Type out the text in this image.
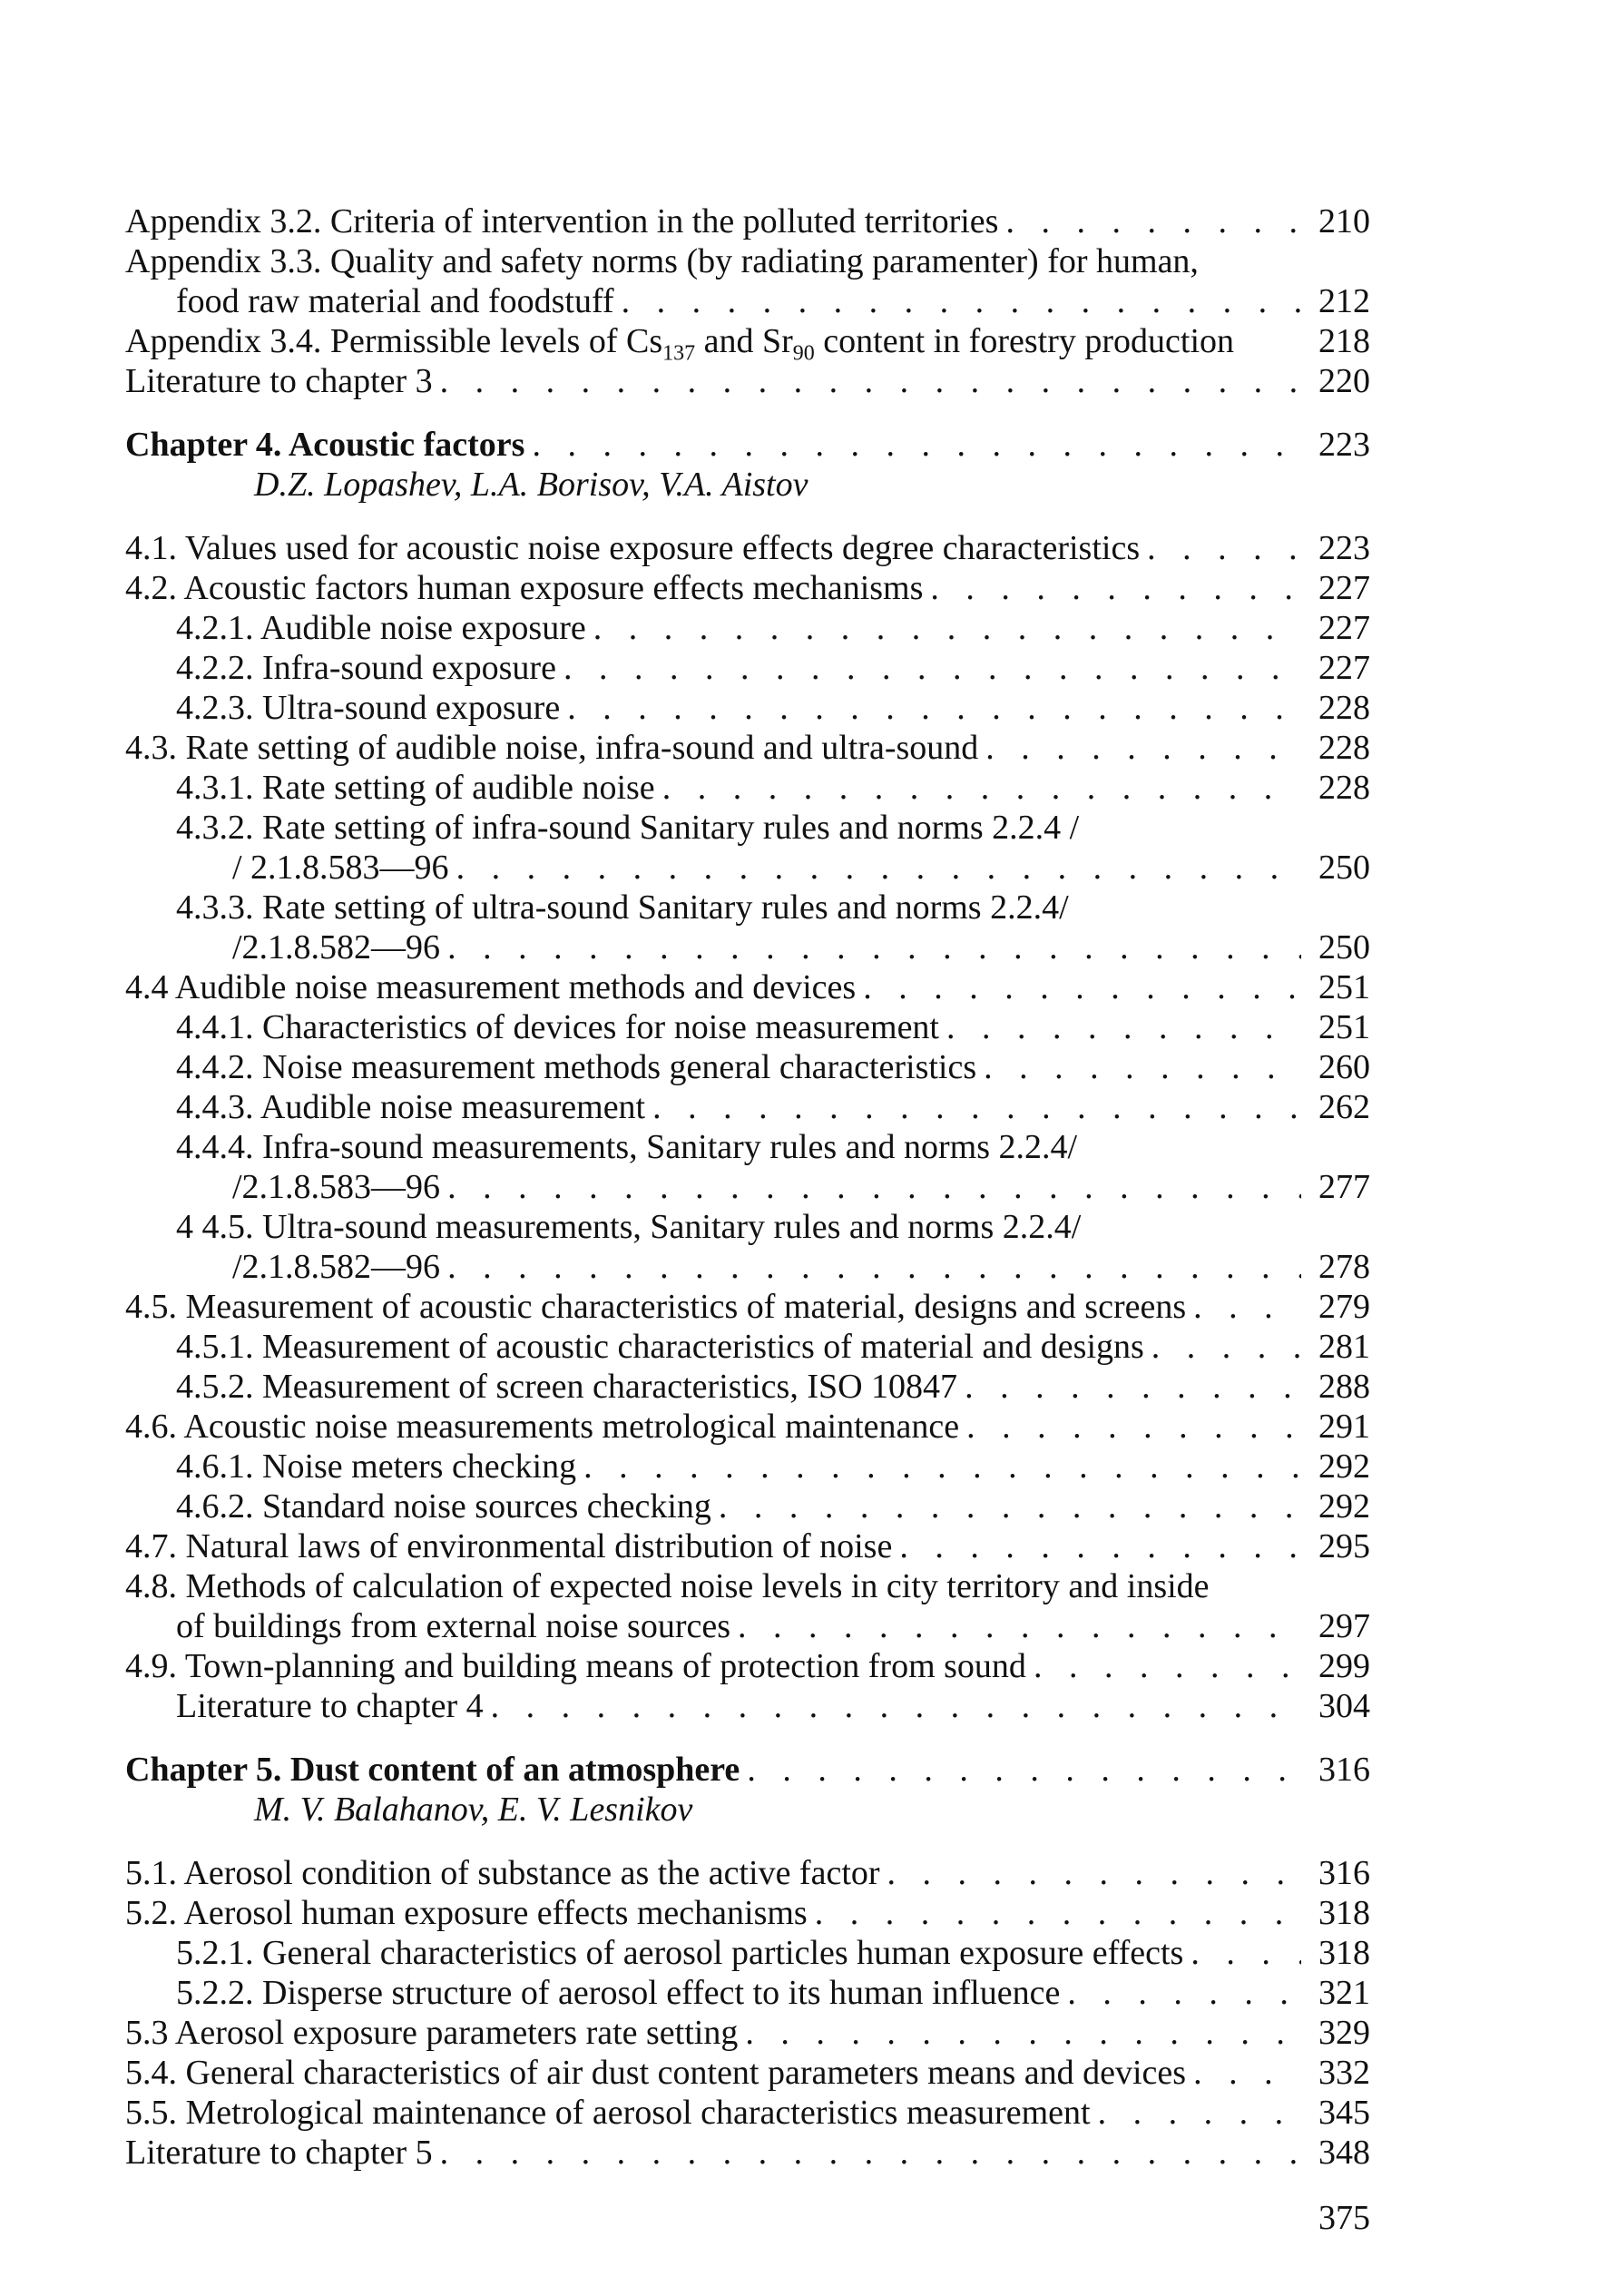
Appendix 3.2. Criteria of intervention in the polluted territories . . .	210
Appendix 3.3. Quality and safety norms (by radiating paramenter) for human,
food raw material and foodstuff . . .	212
Appendix 3.4. Permissible levels of $Cs_{137}$ and $Sr_{90}$ content in forestry production 218
Literature to chapter 3 . . .	220
Chapter 4. Acoustic factors . . .	223
D.Z. Lopashev, L.A. Borisov, V.A. Aistov
4.1. Values used for acoustic noise exposure effects degree characteristics . . .	223
4.2. Acoustic factors human exposure effects mechanisms . . .	227
4.2.1. Audible noise exposure . . .	227
4.2.2. Infra-sound exposure . . .	227
4.2.3. Ultra-sound exposure . . .	228
4.3. Rate setting of audible noise, infra-sound and ultra-sound . . .	228
4.3.1. Rate setting of audible noise . . .	228
4.3.2. Rate setting of infra-sound Sanitary rules and norms 2.2.4 /
/ 2.1.8.583—96 . . .	250
4.3.3. Rate setting of ultra-sound Sanitary rules and norms 2.2.4/
/2.1.8.582—96 . . .	250
4.4 Audible noise measurement methods and devices . . .	251
4.4.1. Characteristics of devices for noise measurement . . .	251
4.4.2. Noise measurement methods general characteristics . . .	260
4.4.3. Audible noise measurement . . .	262
4.4.4. Infra-sound measurements, Sanitary rules and norms 2.2.4/
/2.1.8.583—96 . . .	277
4 4.5. Ultra-sound measurements, Sanitary rules and norms 2.2.4/
/2.1.8.582—96 . . .	278
4.5. Measurement of acoustic characteristics of material, designs and screens . . .	279
4.5.1. Measurement of acoustic characteristics of material and designs . . .	281
4.5.2. Measurement of screen characteristics, ISO 10847 . . .	288
4.6. Acoustic noise measurements metrological maintenance . . .	291
4.6.1. Noise meters checking . . .	292
4.6.2. Standard noise sources checking . . .	292
4.7. Natural laws of environmental distribution of noise . . .	295
4.8. Methods of calculation of expected noise levels in city territory and inside
of buildings from external noise sources . . .	297
4.9. Town-planning and building means of protection from sound . . .	299
Literature to chapter 4 . . .	304
Chapter 5. Dust content of an atmosphere . . .	316
M. V. Balahanov, E. V. Lesnikov
5.1. Aerosol condition of substance as the active factor . . .	316
5.2. Aerosol human exposure effects mechanisms . . .	318
5.2.1. General characteristics of aerosol particles human exposure effects . . .	318
5.2.2. Disperse structure of aerosol effect to its human influence . . .	321
5.3 Aerosol exposure parameters rate setting . . .	329
5.4. General characteristics of air dust content parameters means and devices . . .	332
5.5. Metrological maintenance of aerosol characteristics measurement . . .	345
Literature to chapter 5 . . .	348
375
